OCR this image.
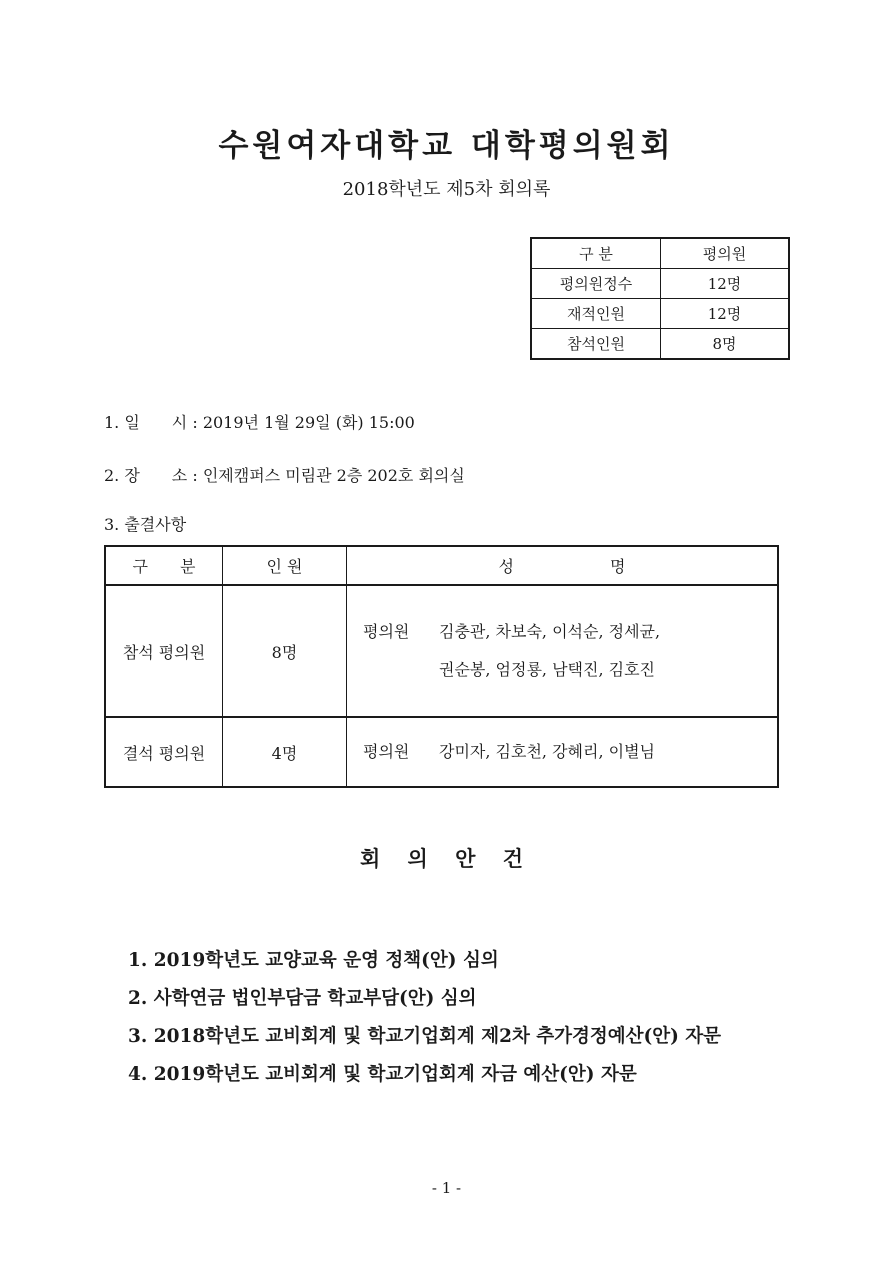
수원여자대학교 대학평의원회
2018학년도 제5차 회의록
구 분	평의원
평의원정수	12명
재적인원	12명
참석인원	8명
1. 일　　시 : 2019년 1월 29일 (화) 15:00
2. 장　　소 : 인제캠퍼스 미림관 2층 202호 회의실
3. 출결사항
구　　분	인 원	성　　　　　　명
참석 평의원	8명	평의원 김충관, 차보숙, 이석순, 정세균,
권순봉, 엄정룡, 남택진, 김호진

결석 평의원	4명	평의원 강미자, 김호천, 강혜리, 이별님
회 의 안 건
1. 2019학년도 교양교육 운영 정책(안) 심의
2. 사학연금 법인부담금 학교부담(안) 심의
3. 2018학년도 교비회계 및 학교기업회계 제2차 추가경정예산(안) 자문
4. 2019학년도 교비회계 및 학교기업회계 자금 예산(안) 자문
- 1 -
